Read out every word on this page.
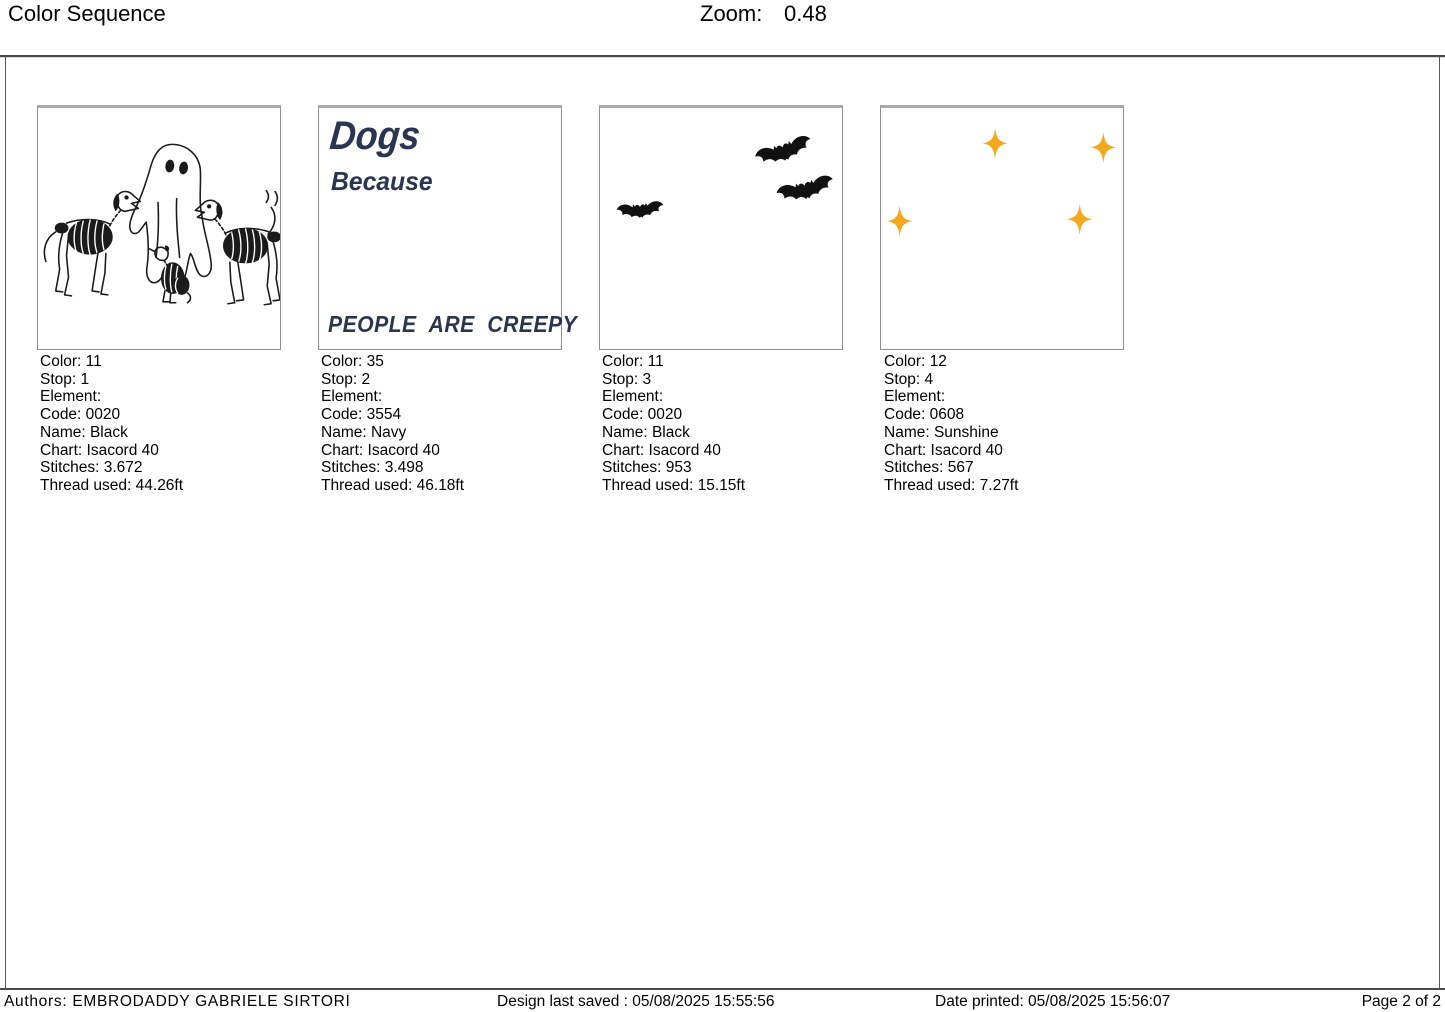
Color Sequence	Zoom: 0.48
Dogs
Because
PEOPLE ARE CREEPY
Color: 11
Stop: 1
Element:
Code: 0020
Name: Black
Chart: Isacord 40
Stitches: 3.672
Thread used: 44.26ft
Color: 35
Stop: 2
Element:
Code: 3554
Name: Navy
Chart: Isacord 40
Stitches: 3.498
Thread used: 46.18ft
Color: 11
Stop: 3
Element:
Code: 0020
Name: Black
Chart: Isacord 40
Stitches: 953
Thread used: 15.15ft
Color: 12
Stop: 4
Element:
Code: 0608
Name: Sunshine
Chart: Isacord 40
Stitches: 567
Thread used: 7.27ft
Authors: EMBRODADDY GABRIELE SIRTORI	Design last saved : 05/08/2025 15:55:56	Date printed: 05/08/2025 15:56:07	Page 2 of 2
